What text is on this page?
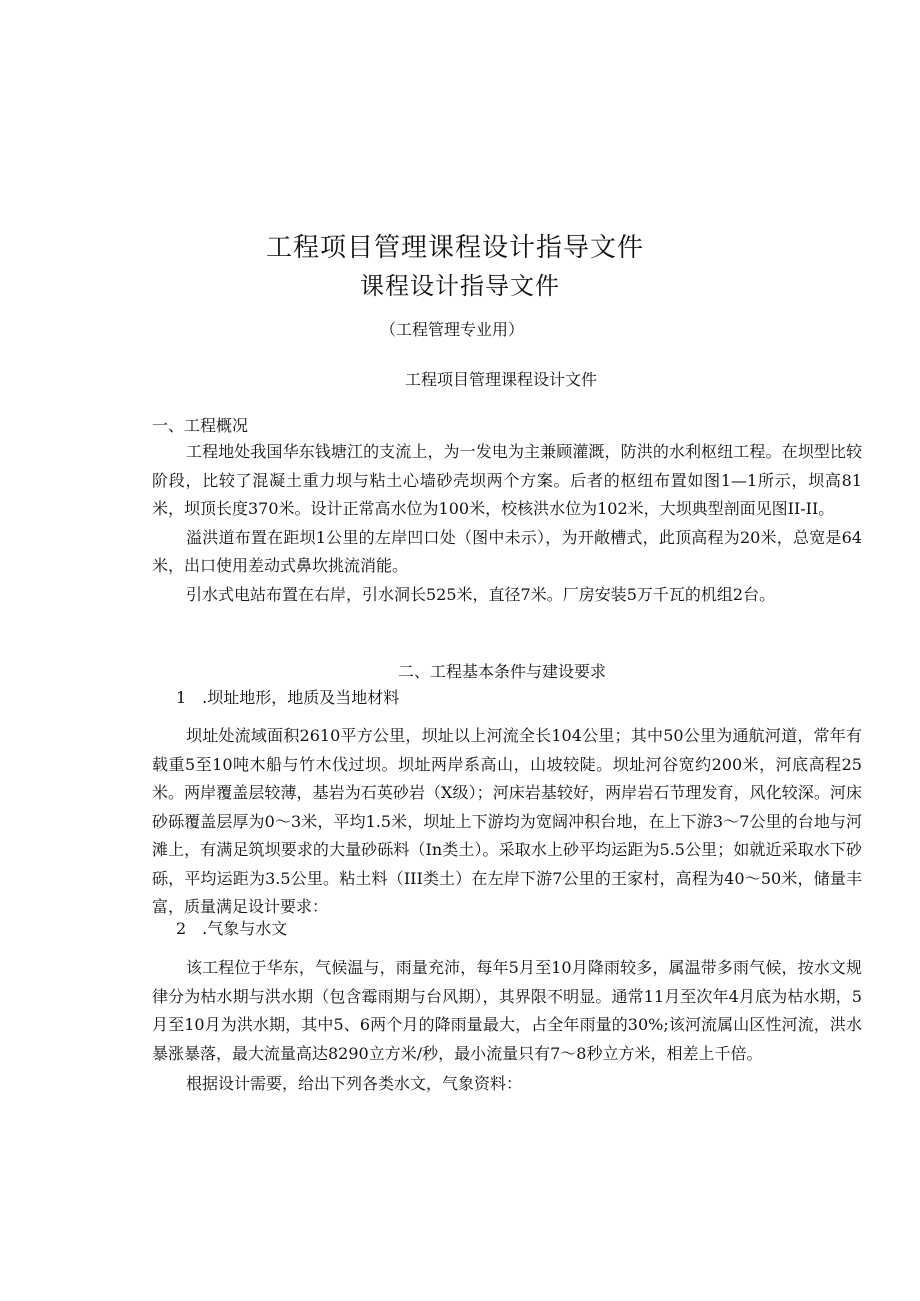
工程项目管理课程设计指导文件
课程设计指导文件
（工程管理专业用）
工程项目管理课程设计文件
一、工程概况

工程地处我国华东钱塘江的支流上，为一发电为主兼顾灌溉，防洪的水利枢纽工程。在坝型比较阶段，比较了混凝土重力坝与粘土心墙砂壳坝两个方案。后者的枢纽布置如图1—1所示，坝高81米，坝顶长度370米。设计正常高水位为100米，校核洪水位为102米，大坝典型剖面见图II-II。

溢洪道布置在距坝1公里的左岸凹口处（图中未示），为开敞槽式，此顶高程为20米，总宽是64米，出口使用差动式鼻坎挑流消能。

引水式电站布置在右岸，引水洞长525米，直径7米。厂房安装5万千瓦的机组2台。

二、工程基本条件与建设要求
1　.坝址地形，地质及当地材料

坝址处流域面积2610平方公里，坝址以上河流全长104公里；其中50公里为通航河道，常年有载重5至10吨木船与竹木伐过坝。坝址两岸系高山，山坡较陡。坝址河谷宽约200米，河底高程25米。两岸覆盖层较薄，基岩为石英砂岩（X级）；河床岩基较好，两岸岩石节理发育，风化较深。河床砂砾覆盖层厚为0～3米，平均1.5米，坝址上下游均为宽阔冲积台地，在上下游3～7公里的台地与河滩上，有满足筑坝要求的大量砂砾料（In类土）。采取水上砂平均运距为5.5公里；如就近采取水下砂砾，平均运距为3.5公里。粘土料（III类土）在左岸下游7公里的王家村，高程为40～50米，储量丰富，质量满足设计要求：

2　.气象与水文

该工程位于华东，气候温与，雨量充沛，每年5月至10月降雨较多，属温带多雨气候，按水文规律分为枯水期与洪水期（包含霉雨期与台风期），其界限不明显。通常11月至次年4月底为枯水期，5月至10月为洪水期，其中5、6两个月的降雨量最大，占全年雨量的30%;该河流属山区性河流，洪水暴涨暴落，最大流量高达8290立方米/秒，最小流量只有7～8秒立方米，相差上千倍。

根据设计需要，给出下列各类水文，气象资料：
